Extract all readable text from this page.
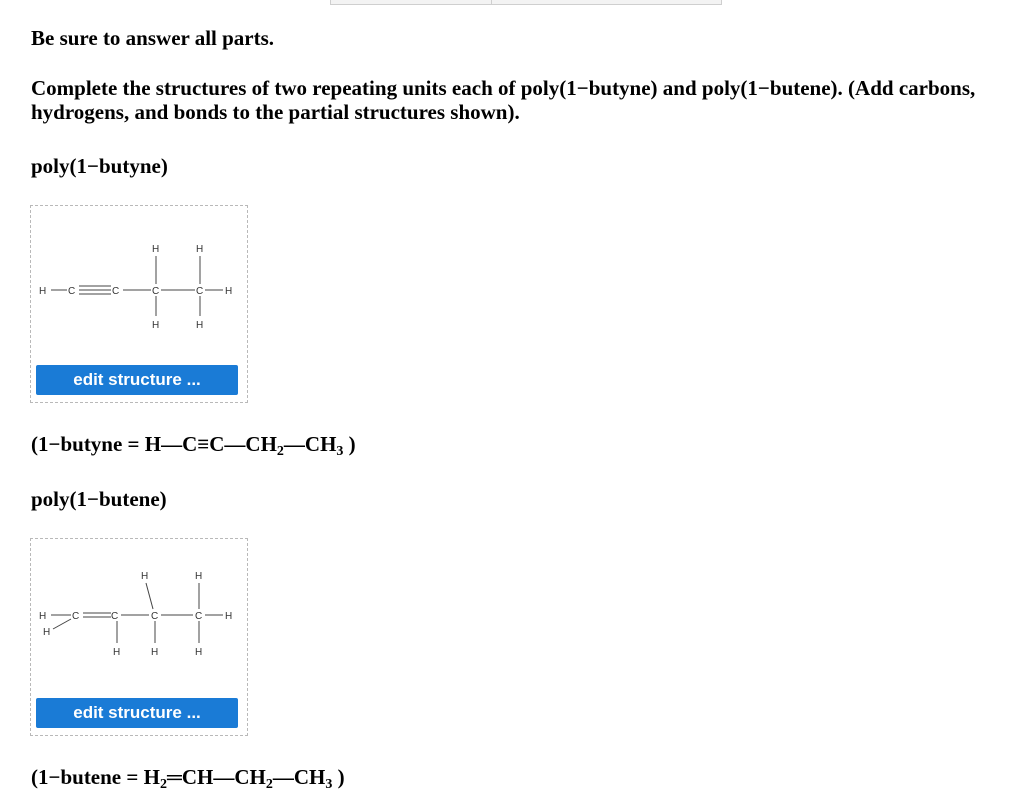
Be sure to answer all parts.

Complete the structures of two repeating units each of poly(1−butyne) and poly(1−butene). (Add carbons, hydrogens, and bonds to the partial structures shown).

poly(1−butyne)

H C	C	C	C H
H	H
H	H
edit structure ...

(1−butyne = $H—C\equiv C—CH_2—CH_3$ )

poly(1−butene)

H
H
C	C	C	C H
H	H
H	H	H
edit structure ...

(1−butene = $H_2═CH—CH_2—CH_3$ )
